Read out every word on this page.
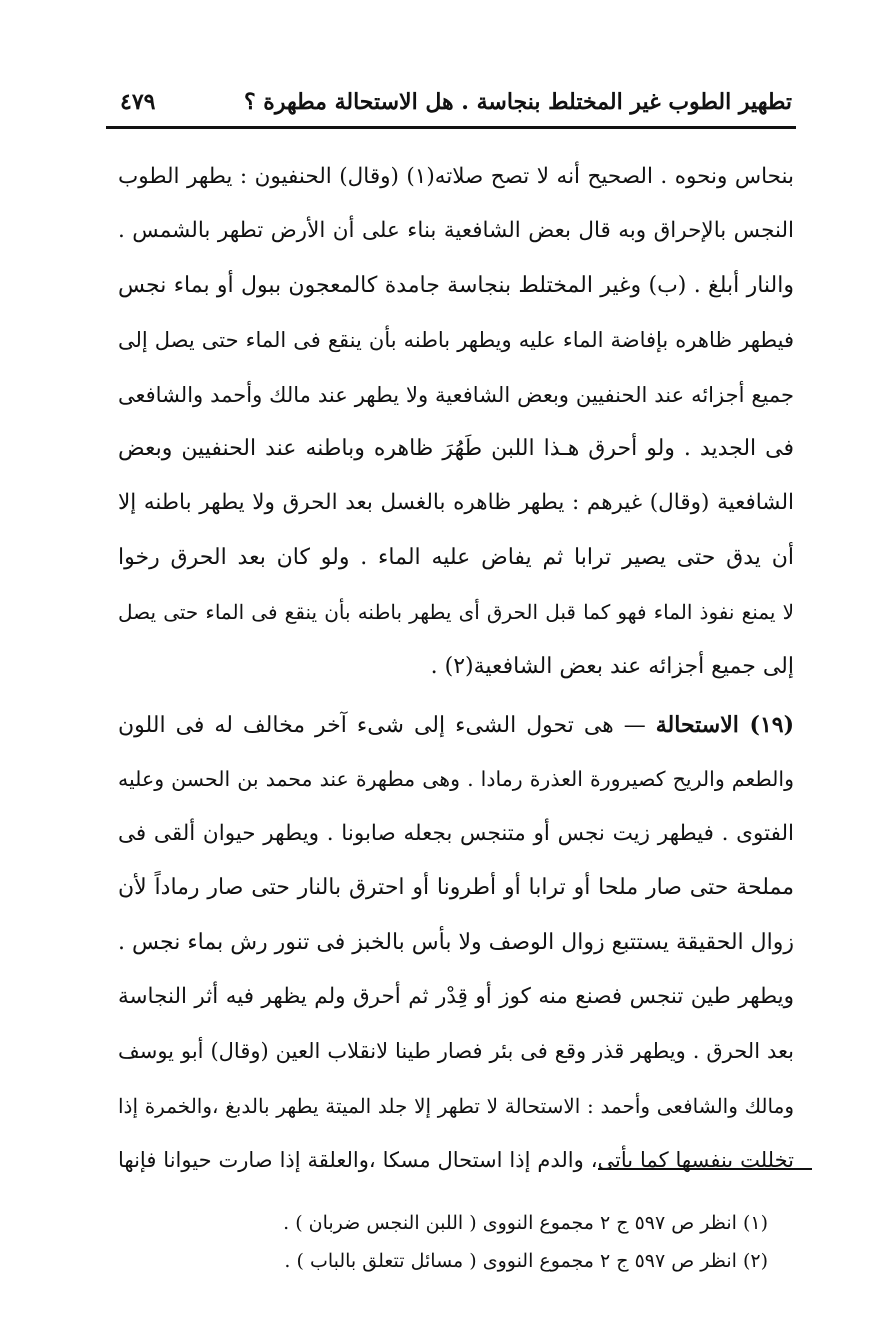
تطهير الطوب غير المختلط بنجاسة . هل الاستحالة مطهرة ؟
٤٧٩
بنحاس ونحوه . الصحيح أنه لا تصح صلاته(١) (وقال) الحنفيون : يطهر الطوب
النجس بالإحراق وبه قال بعض الشافعية بناء على أن الأرض تطهر بالشمس .
والنار أبلغ . (ب) وغير المختلط بنجاسة جامدة كالمعجون ببول أو بماء نجس
فيطهر ظاهره بإفاضة الماء عليه ويطهر باطنه بأن ينقع فى الماء حتى يصل إلى
جميع أجزائه عند الحنفيين وبعض الشافعية ولا يطهر عند مالك وأحمد والشافعى
فى الجديد . ولو أحرق هـذا اللبن طَهُرَ ظاهره وباطنه عند الحنفيين وبعض
الشافعية (وقال) غيرهم : يطهر ظاهره بالغسل بعد الحرق ولا يطهر باطنه إلا
أن يدق حتى يصير ترابا ثم يفاض عليه الماء . ولو كان بعد الحرق رخوا
لا يمنع نفوذ الماء فهو كما قبل الحرق أى يطهر باطنه بأن ينقع فى الماء حتى يصل
إلى جميع أجزائه عند بعض الشافعية(٢) .
(١٩) الاستحالة — هى تحول الشىء إلى شىء آخر مخالف له فى اللون
والطعم والريح كصيرورة العذرة رمادا . وهى مطهرة عند محمد بن الحسن وعليه
الفتوى . فيطهر زيت نجس أو متنجس بجعله صابونا . ويطهر حيوان ألقى فى
مملحة حتى صار ملحا أو ترابا أو أطرونا أو احترق بالنار حتى صار رماداً لأن
زوال الحقيقة يستتبع زوال الوصف ولا بأس بالخبز فى تنور رش بماء نجس .
ويطهر طين تنجس فصنع منه كوز أو قِدْر ثم أحرق ولم يظهر فيه أثر النجاسة
بعد الحرق . ويطهر قذر وقع فى بئر فصار طينا لانقلاب العين (وقال) أبو يوسف
ومالك والشافعى وأحمد : الاستحالة لا تطهر إلا جلد الميتة يطهر بالدبغ ،والخمرة إذا
تخللت بنفسها كما يأتى، والدم إذا استحال مسكا ،والعلقة إذا صارت حيوانا فإنها
(١) انظر ص ٥٩٧ ج ٢ مجموع النووى ( اللبن النجس ضربان ) .
(٢) انظر ص ٥٩٧ ج ٢ مجموع النووى ( مسائل تتعلق بالباب ) .
